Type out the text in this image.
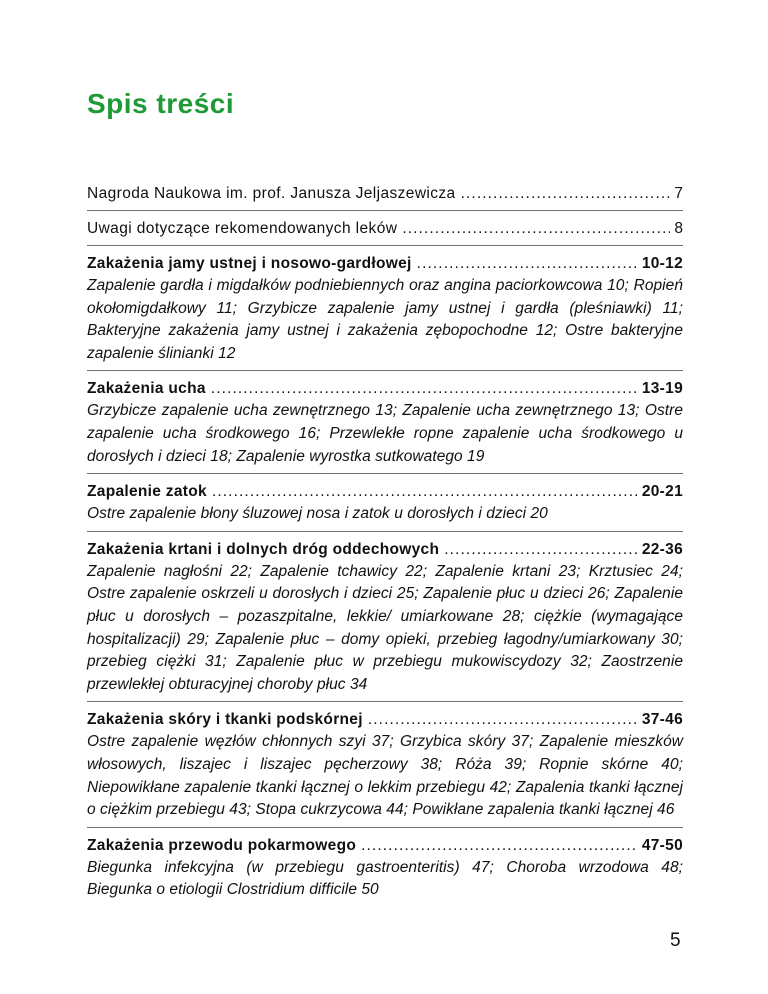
Spis treści
Nagroda Naukowa im. prof. Janusza Jeljaszewicza . . .	7
Uwagi dotyczące rekomendowanych leków . . .	8
Zakażenia jamy ustnej i nosowo-gardłowej . . .	10-12

Zapalenie gardła i migdałków podniebiennych oraz angina paciorkowcowa 10; Ropień okołomigdałkowy 11; Grzybicze zapalenie jamy ustnej i gardła (pleśniawki) 11; Bakteryjne zakażenia jamy ustnej i zakażenia zębopochodne 12; Ostre bakteryjne zapalenie ślinianki 12

Zakażenia ucha . . .	13-19

Grzybicze zapalenie ucha zewnętrznego 13; Zapalenie ucha zewnętrznego 13; Ostre zapalenie ucha środkowego 16; Przewlekłe ropne zapalenie ucha środkowego u dorosłych i dzieci 18; Zapalenie wyrostka sutkowatego 19

Zapalenie zatok . . .	20-21

Ostre zapalenie błony śluzowej nosa i zatok u dorosłych i dzieci 20

Zakażenia krtani i dolnych dróg oddechowych . . .	22-36

Zapalenie nagłośni 22; Zapalenie tchawicy 22; Zapalenie krtani 23; Krztusiec 24; Ostre zapalenie oskrzeli u dorosłych i dzieci 25; Zapalenie płuc u dzieci 26; Zapalenie płuc u dorosłych – pozaszpitalne, lekkie/ umiarkowane 28; ciężkie (wymagające hospitalizacji) 29; Zapalenie płuc – domy opieki, przebieg łagodny/umiarkowany 30; przebieg ciężki 31; Zapalenie płuc w przebiegu mukowiscydozy 32; Zaostrzenie przewlekłej obturacyjnej choroby płuc 34

Zakażenia skóry i tkanki podskórnej . . .	37-46

Ostre zapalenie węzłów chłonnych szyi 37; Grzybica skóry 37; Zapalenie mieszków włosowych, liszajec i liszajec pęcherzowy 38; Róża 39; Ropnie skórne 40; Niepowikłane zapalenie tkanki łącznej o lekkim przebiegu 42; Zapalenia tkanki łącznej o ciężkim przebiegu 43; Stopa cukrzycowa 44; Powikłane zapalenia tkanki łącznej 46

Zakażenia przewodu pokarmowego . . .	47-50

Biegunka infekcyjna (w przebiegu gastroenteritis) 47; Choroba wrzodowa 48; Biegunka o etiologii Clostridium difficile 50

5
